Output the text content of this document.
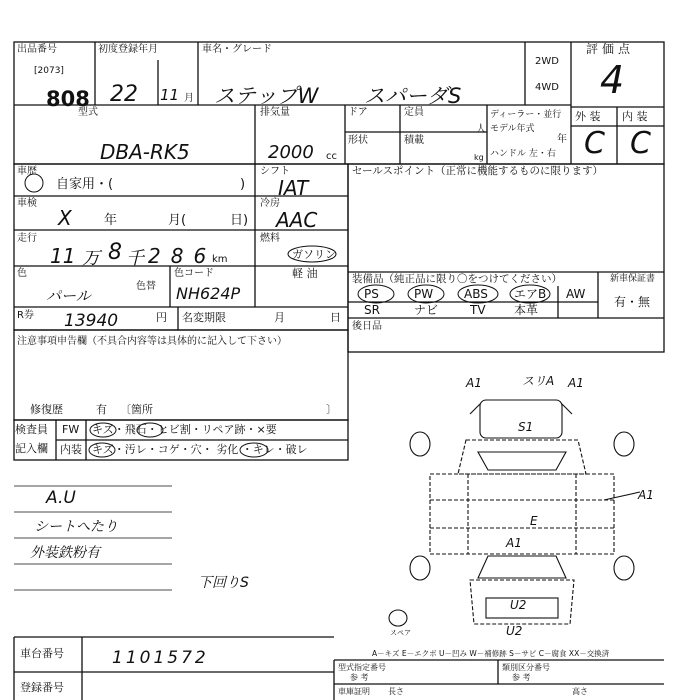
出品番号
[2073]
808
初度登録年月
22 11 月
車名・グレード
ステップW スパーダS
2WD
4WD
評価点
4
型式
DBA-RK5
排気量
2000 cc
ドア	定員
人
形状	積載
kg
ディーラー・並行
モデル年式
年
ハンドル 左・右
外 装 内 装
C C
車歴
自家用・(	)
車検
X 年	月(	日)
走行
11 万 8 千 286
km
色
パール
色替
色コード
NH624P
シフト
IAT
冷房
AAC
燃料
ガソリン
軽 油
R券 13940	円 名変期限	月	日
セールスポイント（正常に機能するものに限ります）
装備品（純正品に限り〇をつけてください）	新車保証書
有・無
PS	PW	ABS エアB AW
SR	ナビ	TV 本革
後日品
注意事項申告欄（不具合内容等は具体的に記入して下さい）
修復歴	有 〔箇所	〕
検査員
記入欄
FW キズ・飛石・ヒビ割・リペア跡・×要
内装 キズ・汚レ・コゲ・穴・ 劣化 ・キレ・破レ
A.U
シートへたり
外装鉄粉有
下回りS
A1	スリA A1
S1
A1
E
A1
U2
U2
スペア
車台番号	1101572
登録番号
A－キズ E－エクボ U－凹み W－補修跡 S－サビ C－腐食 XX－交換済
型式指定番号
参 考
類別区分番号
参 考
車庫証明 長さ	高さ
